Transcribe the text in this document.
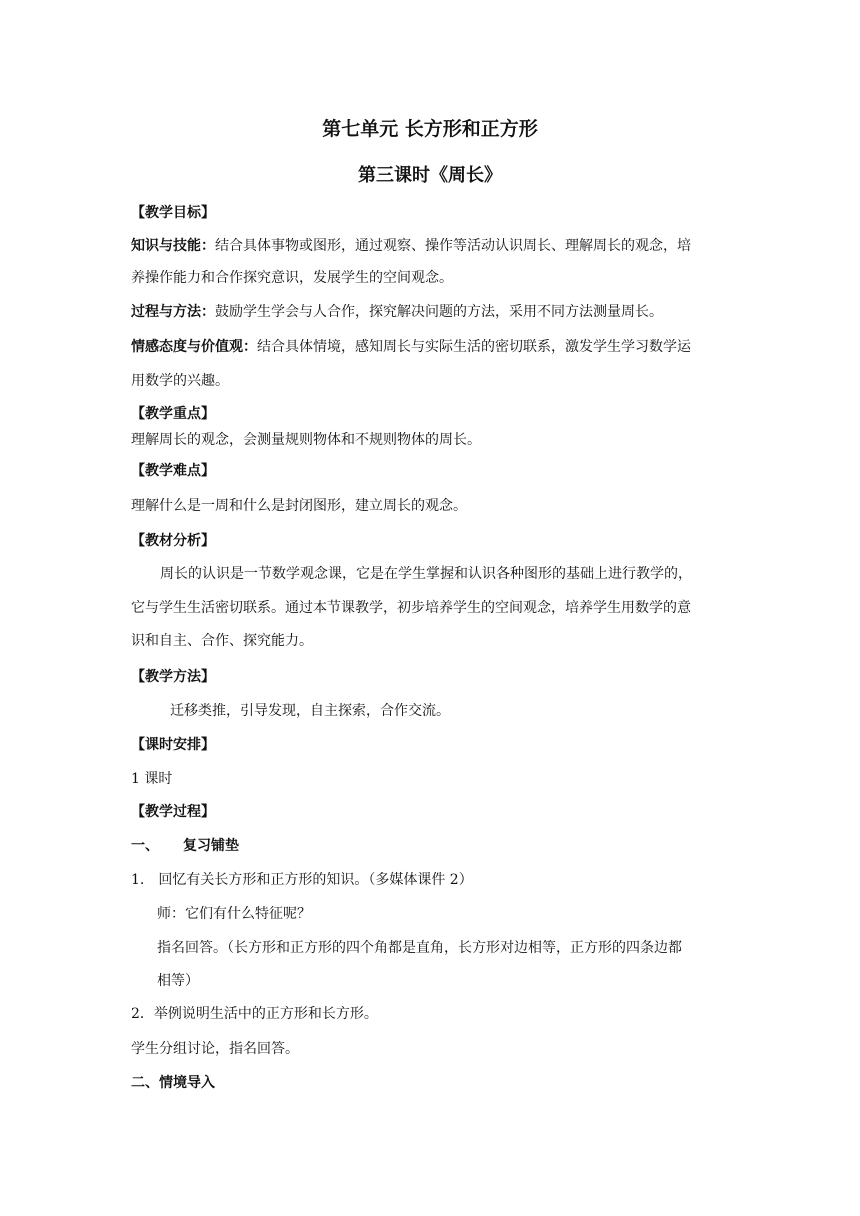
第七单元 长方形和正方形
第三课时《周长》
【教学目标】
知识与技能：结合具体事物或图形，通过观察、操作等活动认识周长、理解周长的观念，培
养操作能力和合作探究意识，发展学生的空间观念。
过程与方法：鼓励学生学会与人合作，探究解决问题的方法，采用不同方法测量周长。
情感态度与价值观：结合具体情境，感知周长与实际生活的密切联系，激发学生学习数学运
用数学的兴趣。
【教学重点】
理解周长的观念，会测量规则物体和不规则物体的周长。
【教学难点】
理解什么是一周和什么是封闭图形，建立周长的观念。
【教材分析】
周长的认识是一节数学观念课，它是在学生掌握和认识各种图形的基础上进行教学的，
它与学生生活密切联系。通过本节课教学，初步培养学生的空间观念，培养学生用数学的意
识和自主、合作、探究能力。
【教学方法】
迁移类推，引导发现，自主探索，合作交流。
【课时安排】
1 课时
【教学过程】
一、 复习铺垫
1.　回忆有关长方形和正方形的知识。（多媒体课件 2）
师：它们有什么特征呢？
指名回答。（长方形和正方形的四个角都是直角，长方形对边相等，正方形的四条边都
相等）
2．举例说明生活中的正方形和长方形。
学生分组讨论，指名回答。
二、情境导入
